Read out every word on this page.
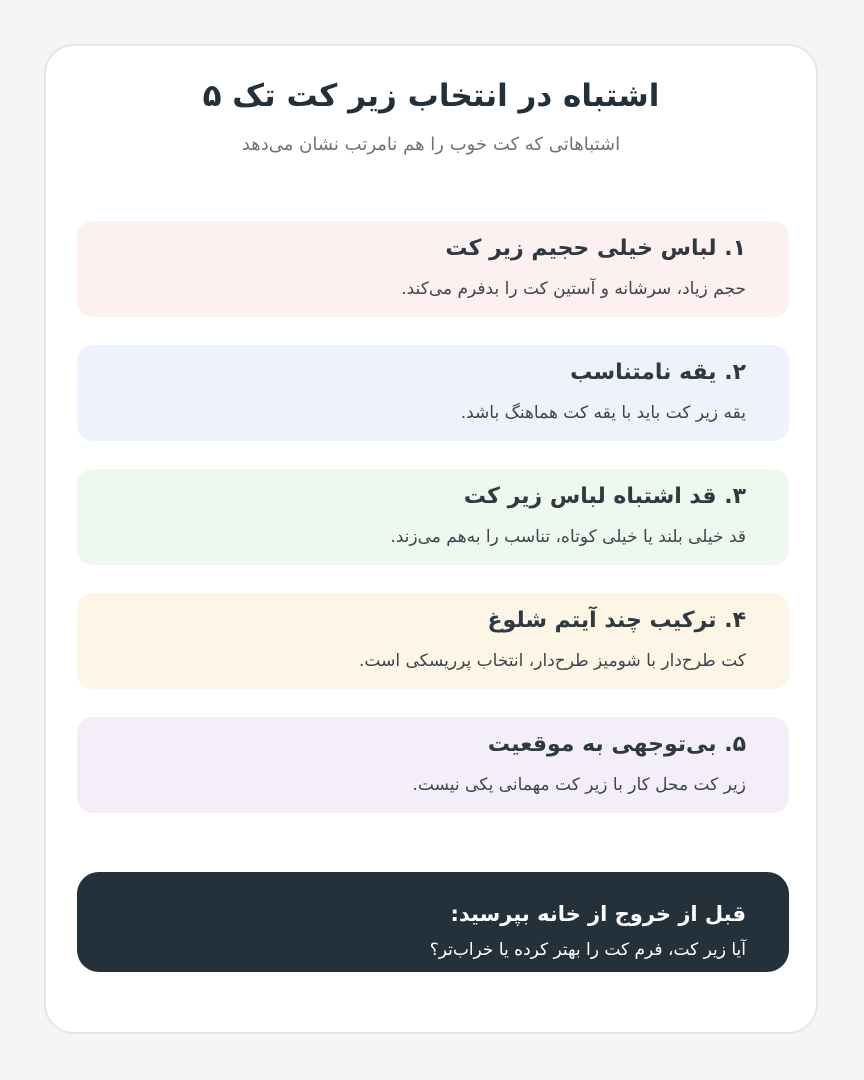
اشتباه در انتخاب زیر کت تک ۵
اشتباهاتی که کت خوب را هم نامرتب نشان می‌دهد
۱. لباس خیلی حجیم زیر کت
حجم زیاد، سرشانه و آستین کت را بدفرم می‌کند.
۲. یقه نامتناسب
یقه زیر کت باید با یقه کت هماهنگ باشد.
۳. قد اشتباه لباس زیر کت
قد خیلی بلند یا خیلی کوتاه، تناسب را به‌هم می‌زند.
۴. ترکیب چند آیتم شلوغ
کت طرح‌دار با شومیز طرح‌دار، انتخاب پرریسکی است.
۵. بی‌توجهی به موقعیت
زیر کت محل کار با زیر کت مهمانی یکی نیست.
قبل از خروج از خانه بپرسید:
آیا زیر کت، فرم کت را بهتر کرده یا خراب‌تر؟
